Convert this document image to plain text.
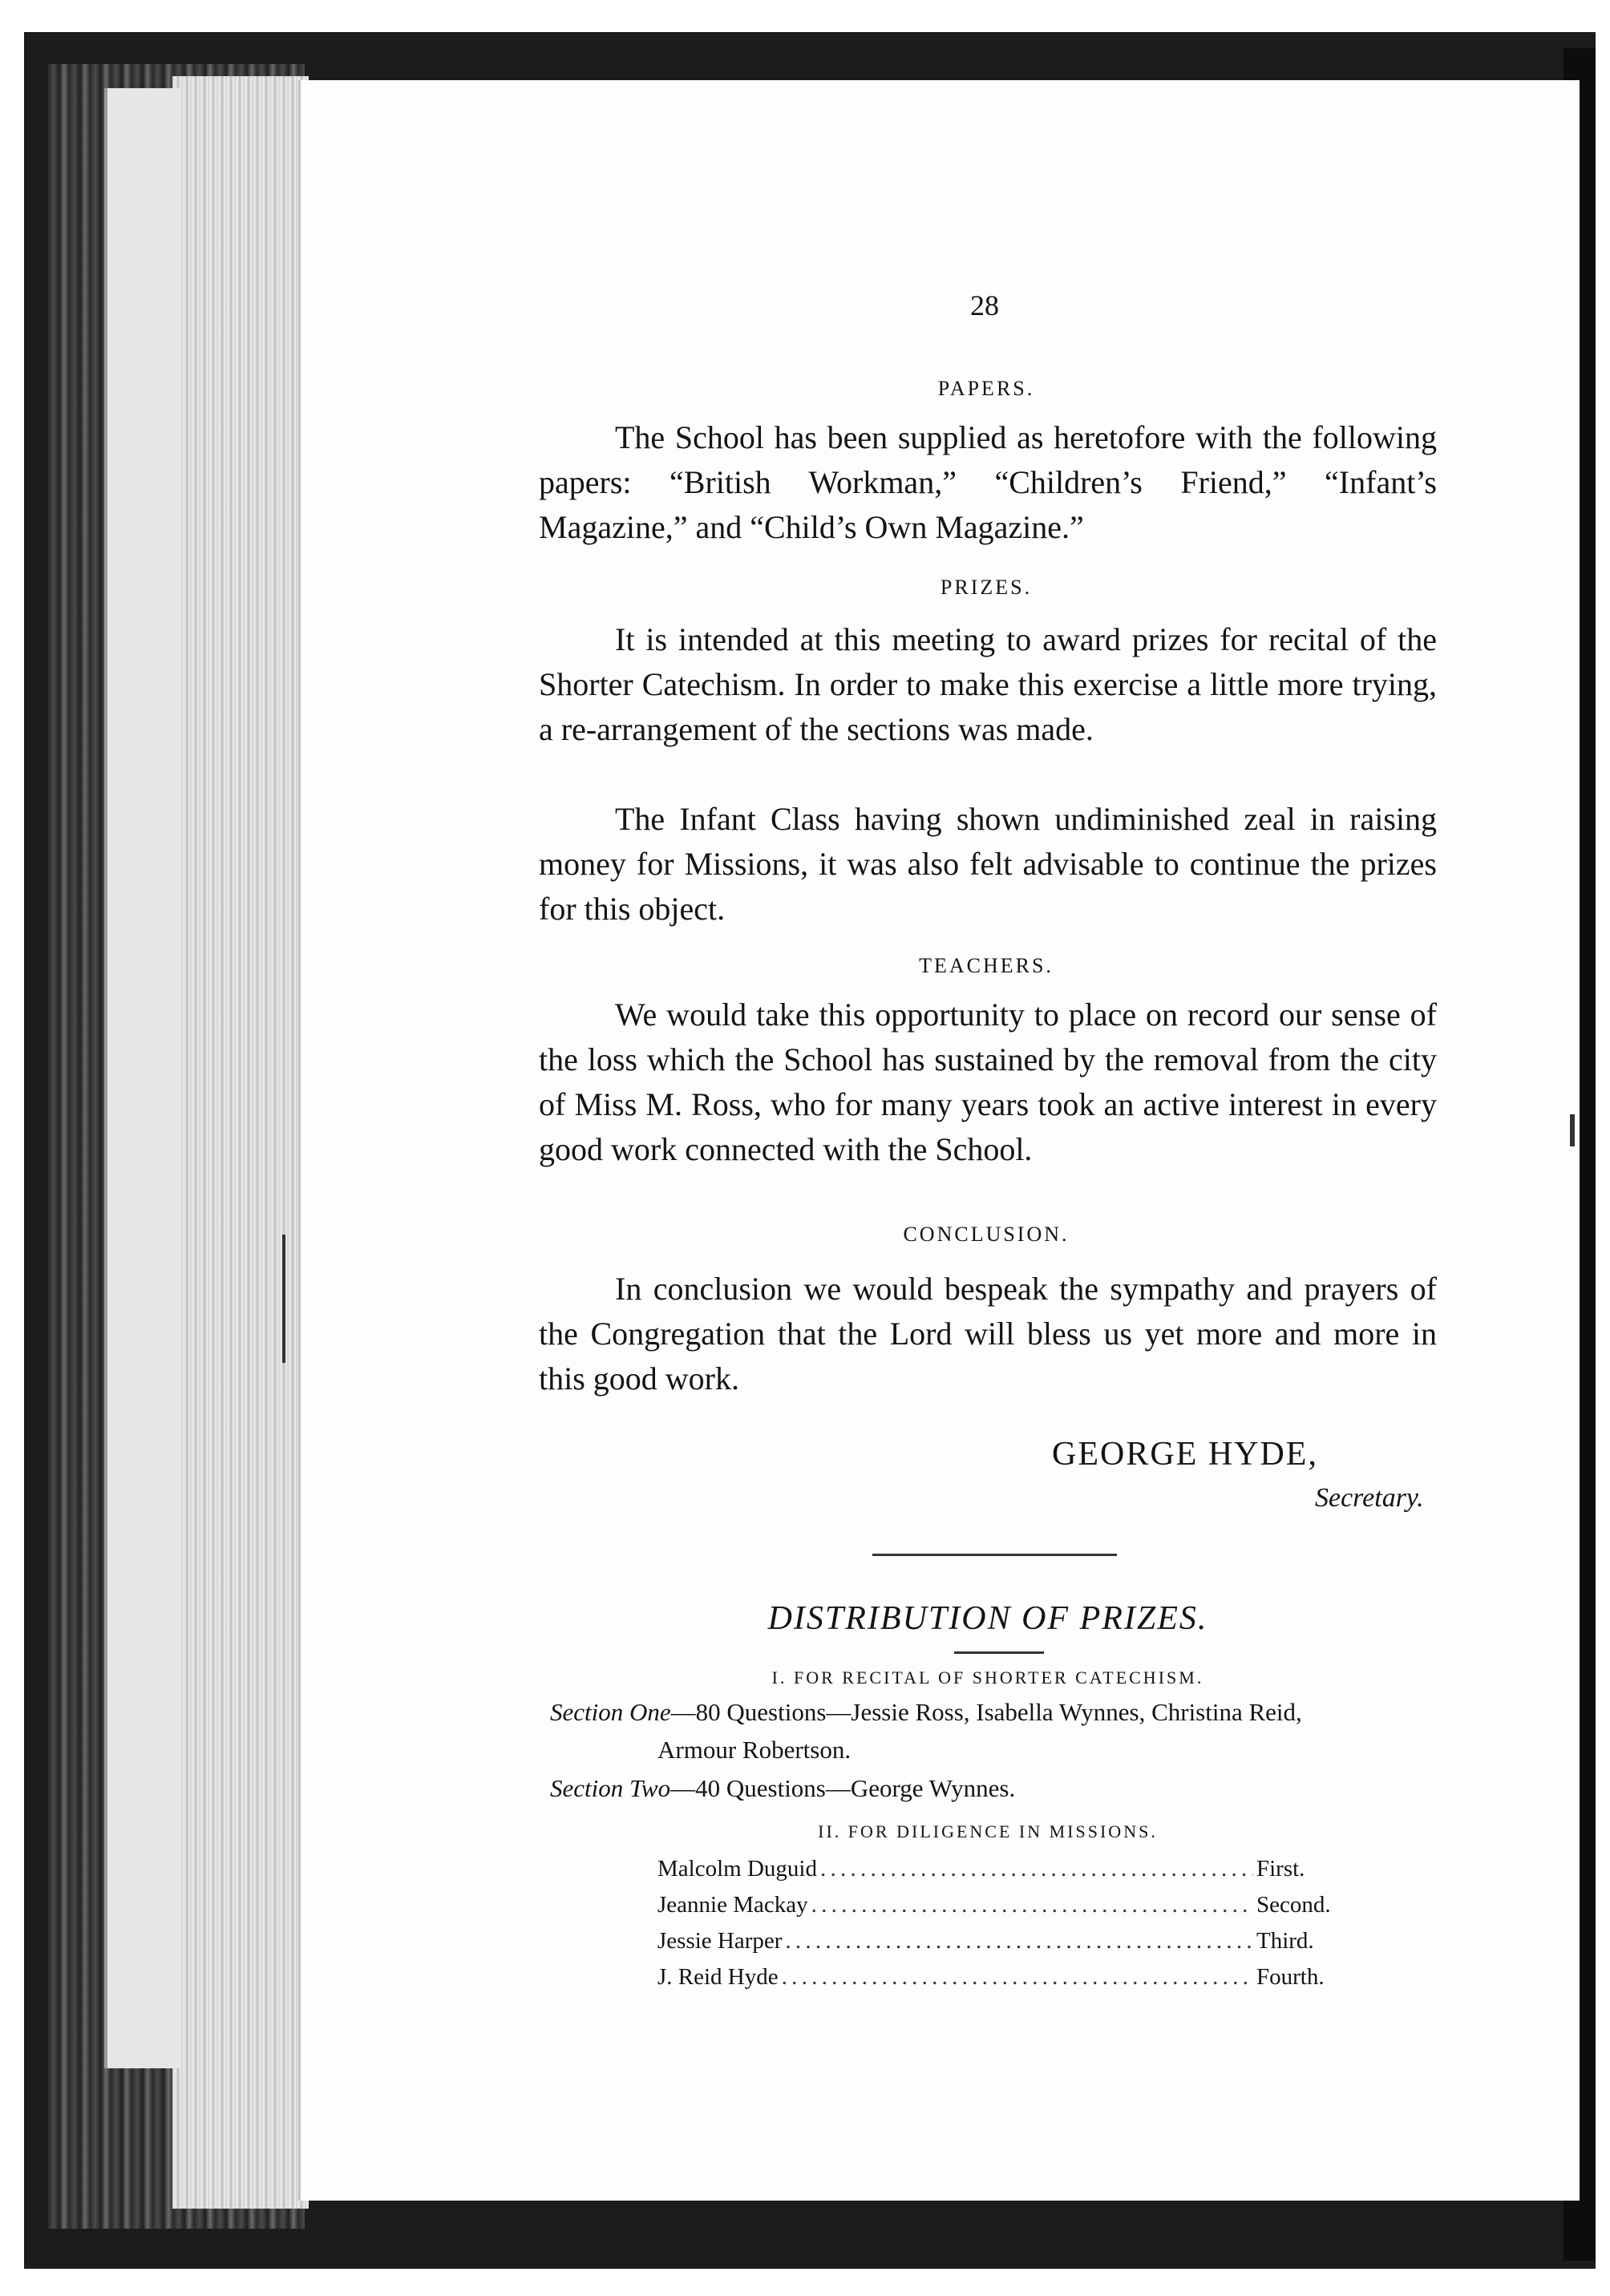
28
PAPERS.

The School has been supplied as heretofore with the following papers: “British Workman,” “Children’s Friend,” “Infant’s Magazine,” and “Child’s Own Magazine.”

PRIZES.

It is intended at this meeting to award prizes for recital of the Shorter Catechism. In order to make this exercise a little more trying, a re-arrangement of the sections was made.

The Infant Class having shown undiminished zeal in raising money for Missions, it was also felt advisable to continue the prizes for this object.

TEACHERS.

We would take this opportunity to place on record our sense of the loss which the School has sustained by the removal from the city of Miss M. Ross, who for many years took an active interest in every good work connected with the School.

CONCLUSION.

In conclusion we would bespeak the sympathy and prayers of the Congregation that the Lord will bless us yet more and more in this good work.

GEORGE HYDE,
Secretary.
DISTRIBUTION OF PRIZES.
I. FOR RECITAL OF SHORTER CATECHISM.
Section One—80 Questions—Jessie Ross, Isabella Wynnes, Christina Reid,
Armour Robertson.
Section Two—40 Questions—George Wynnes.
II. FOR DILIGENCE IN MISSIONS.
Malcolm Duguid . . .	First.
Jeannie Mackay . . .	Second.
Jessie Harper . . .	Third.
J. Reid Hyde . . .	Fourth.
